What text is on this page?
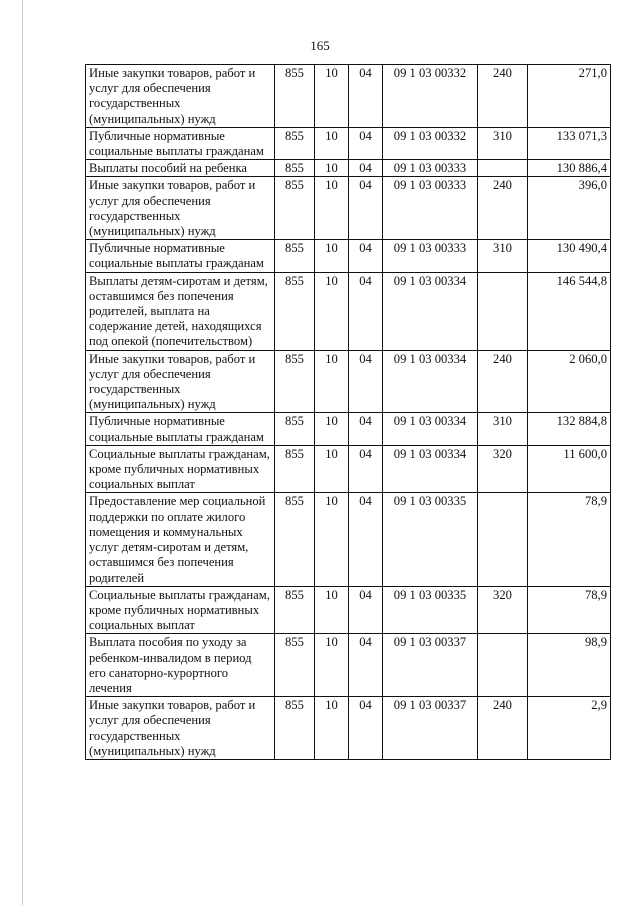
165
Иные закупки товаров, работ и услуг для обеспечения государственных (муниципальных) нужд	855	10	04	09 1 03 00332	240	271,0
Публичные нормативные социальные выплаты гражданам	855	10	04	09 1 03 00332	310	133 071,3
Выплаты пособий на ребенка	855	10	04	09 1 03 00333		130 886,4
Иные закупки товаров, работ и услуг для обеспечения государственных (муниципальных) нужд	855	10	04	09 1 03 00333	240	396,0
Публичные нормативные социальные выплаты гражданам	855	10	04	09 1 03 00333	310	130 490,4
Выплаты детям-сиротам и детям, оставшимся без попечения родителей, выплата на содержание детей, находящихся под опекой (попечительством)	855	10	04	09 1 03 00334		146 544,8
Иные закупки товаров, работ и услуг для обеспечения государственных (муниципальных) нужд	855	10	04	09 1 03 00334	240	2 060,0
Публичные нормативные социальные выплаты гражданам	855	10	04	09 1 03 00334	310	132 884,8
Социальные выплаты гражданам, кроме публичных нормативных социальных выплат	855	10	04	09 1 03 00334	320	11 600,0
Предоставление мер социальной поддержки по оплате жилого помещения и коммунальных услуг детям-сиротам и детям, оставшимся без попечения родителей	855	10	04	09 1 03 00335		78,9
Социальные выплаты гражданам, кроме публичных нормативных социальных выплат	855	10	04	09 1 03 00335	320	78,9
Выплата пособия по уходу за ребенком-инвалидом в период его санаторно-курортного лечения	855	10	04	09 1 03 00337		98,9
Иные закупки товаров, работ и услуг для обеспечения государственных (муниципальных) нужд	855	10	04	09 1 03 00337	240	2,9
